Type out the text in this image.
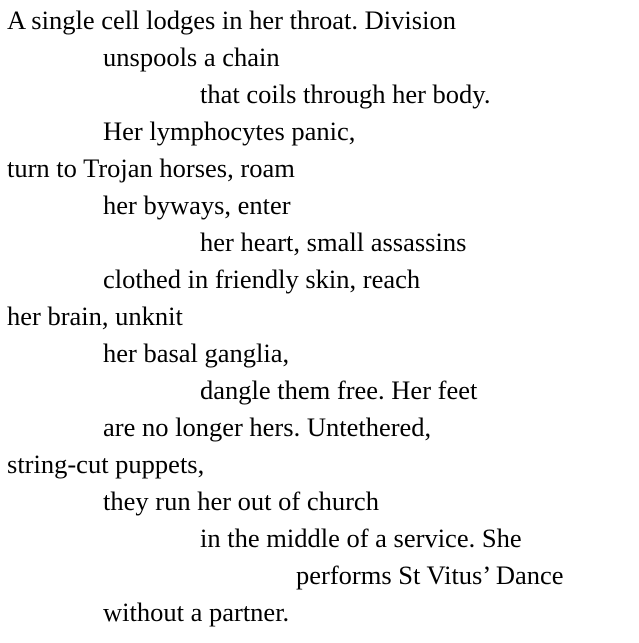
A single cell lodges in her throat. Division
unspools a chain
that coils through her body.
Her lymphocytes panic,
turn to Trojan horses, roam
her byways, enter
her heart, small assassins
clothed in friendly skin, reach
her brain, unknit
her basal ganglia,
dangle them free. Her feet
are no longer hers. Untethered,
string-cut puppets,
they run her out of church
in the middle of a service. She
performs St Vitus’ Dance
without a partner.
